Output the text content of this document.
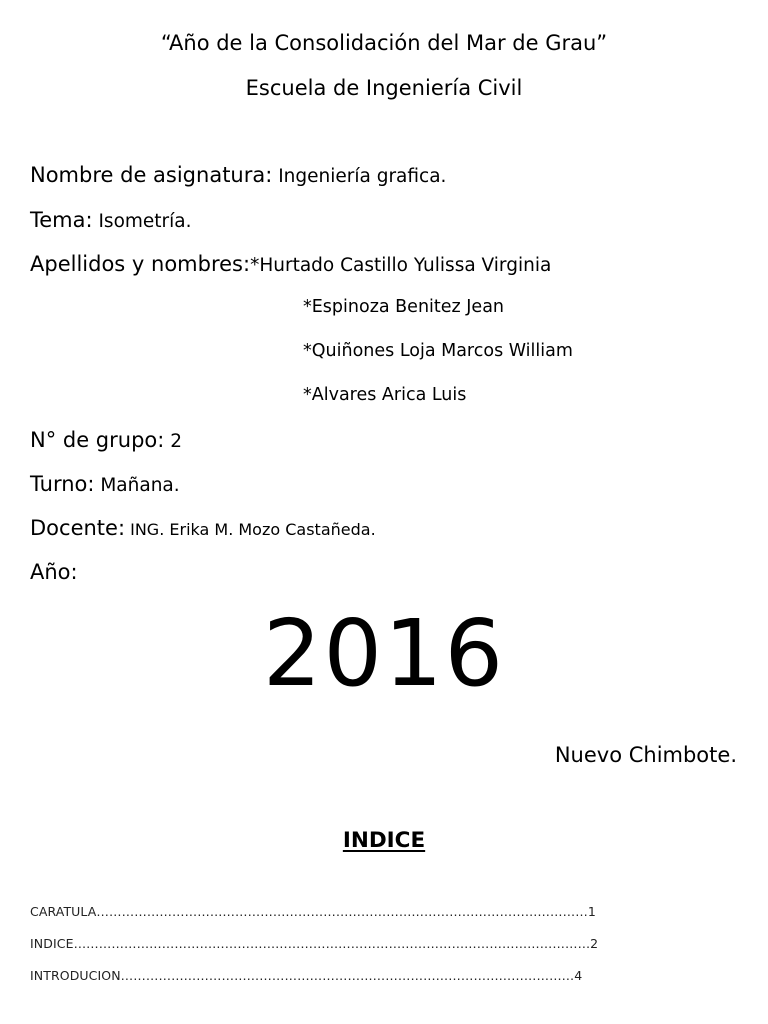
“Año de la Consolidación del Mar de Grau”
Escuela de Ingeniería Civil
Nombre de asignatura: Ingeniería grafica.
Tema: Isometría.
Apellidos y nombres:*Hurtado Castillo Yulissa Virginia
*Espinoza Benitez Jean
*Quiñones Loja Marcos William
*Alvares Arica Luis
N° de grupo: 2
Turno: Mañana.
Docente: ING. Erika M. Mozo Castañeda.
Año:
2016
Nuevo Chimbote.
INDICE
CARATULA………………………………………………………………………………………………………1
INDICE……………………………………………………………………………………………………………2
INTRODUCION………………………………………………………………………………………………4
